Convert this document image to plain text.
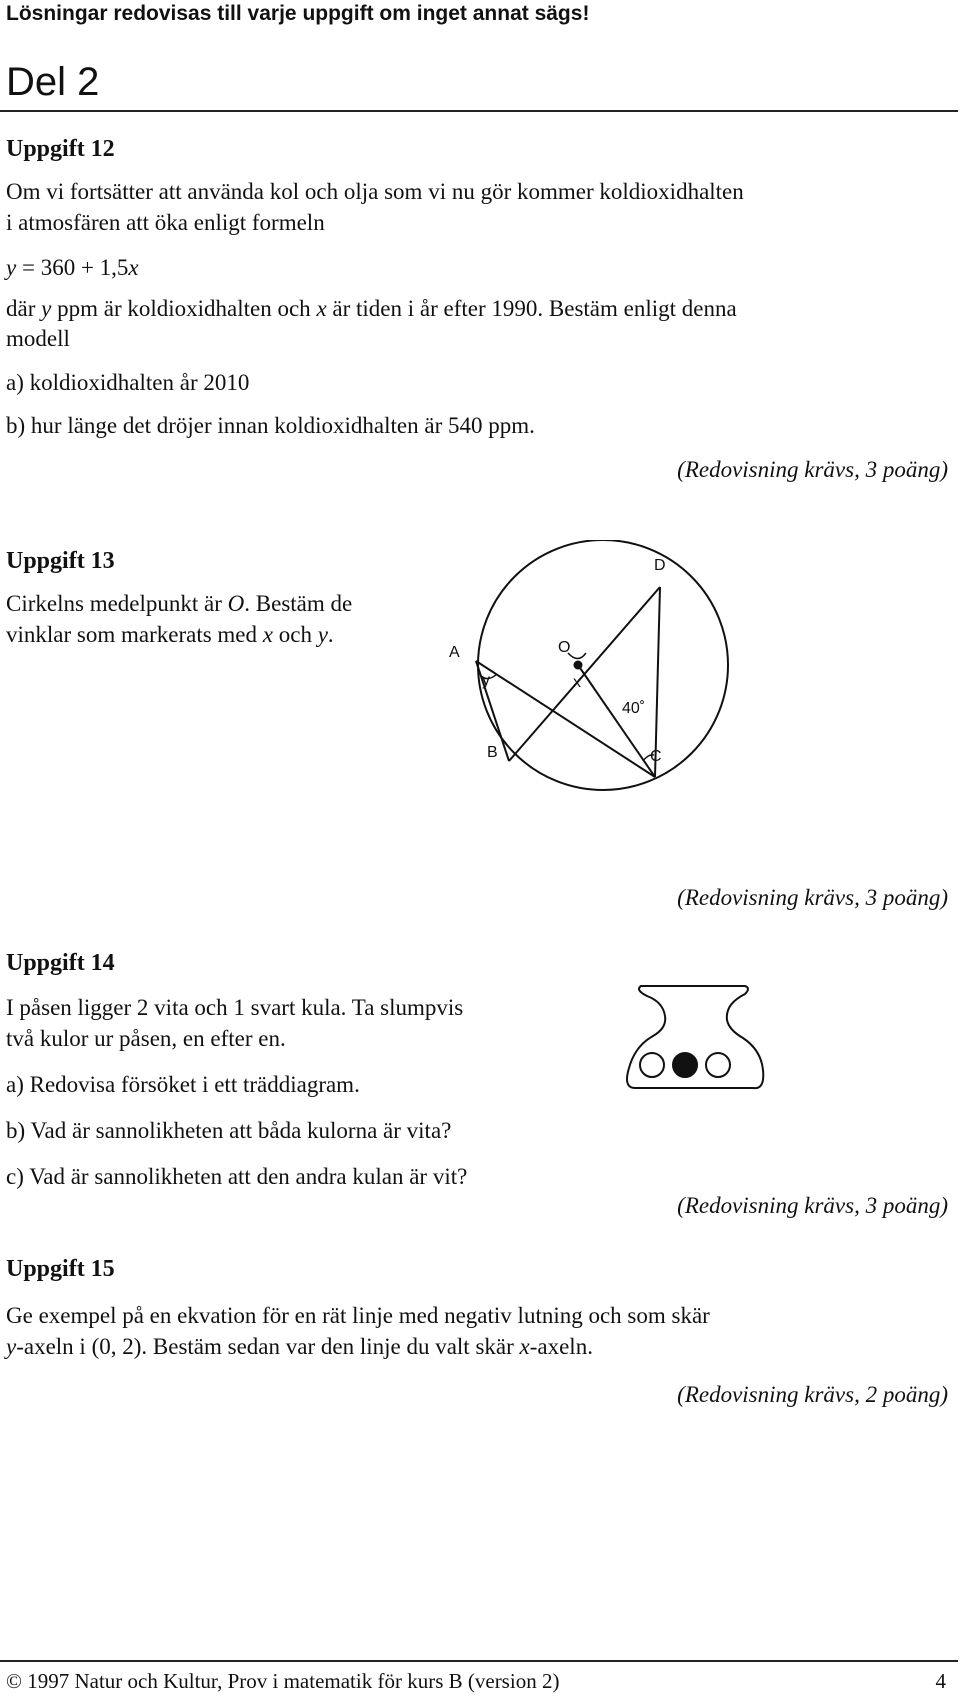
Lösningar redovisas till varje uppgift om inget annat sägs!
Del 2
Uppgift 12
Om vi fortsätter att använda kol och olja som vi nu gör kommer koldioxidhalten
i atmosfären att öka enligt formeln
y = 360 + 1,5x
där y ppm är koldioxidhalten och x är tiden i år efter 1990. Bestäm enligt denna
modell
a) koldioxidhalten år 2010
b) hur länge det dröjer innan koldioxidhalten är 540 ppm.
(Redovisning krävs, 3 poäng)
Uppgift 13
Cirkelns medelpunkt är O. Bestäm de
vinklar som markerats med x och y.
A
B	C
D
O
x
y
40˚
(Redovisning krävs, 3 poäng)
Uppgift 14
I påsen ligger 2 vita och 1 svart kula. Ta slumpvis
två kulor ur påsen, en efter en.
a) Redovisa försöket i ett träddiagram.
b) Vad är sannolikheten att båda kulorna är vita?
c) Vad är sannolikheten att den andra kulan är vit?
(Redovisning krävs, 3 poäng)
Uppgift 15
Ge exempel på en ekvation för en rät linje med negativ lutning och som skär
y-axeln i (0, 2). Bestäm sedan var den linje du valt skär x-axeln.
(Redovisning krävs, 2 poäng)
© 1997 Natur och Kultur, Prov i matematik för kurs B (version 2)	4
